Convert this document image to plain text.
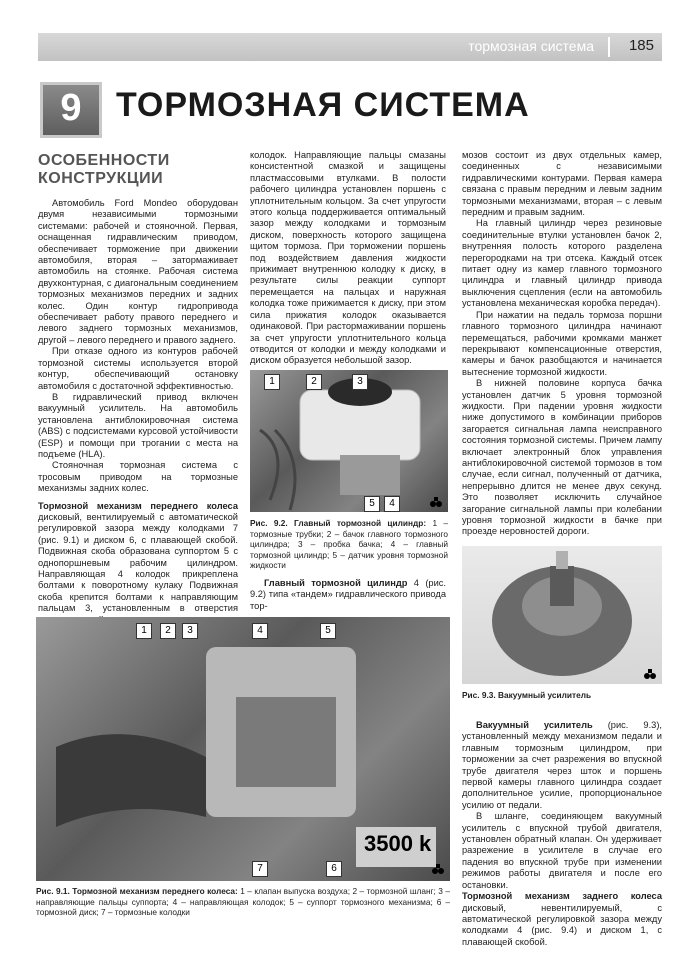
тормозная система 185
9	ТОРМОЗНАЯ СИСТЕМА
ОСОБЕННОСТИ
КОНСТРУКЦИИ

Автомобиль Ford Mondeo оборудован двумя независимыми тормозными системами: рабочей и стояночной. Первая, оснащенная гидравлическим приводом, обеспечивает торможение при движении автомобиля, вторая – затормаживает автомобиль на стоянке. Рабочая система двухконтурная, с диагональным соединением тормозных механизмов передних и задних колес. Один контур гидропривода обеспечивает работу правого переднего и левого заднего тормозных механизмов, другой – левого переднего и правого заднего.

При отказе одного из контуров рабочей тормозной системы используется второй контур, обеспечивающий остановку автомобиля с достаточной эффективностью.

В гидравлический привод включен вакуумный усилитель. На автомобиль установлена антиблокировочная система (ABS) с подсистемами курсовой устойчивости (ESP) и помощи при трогании с места на подъеме (HLA).

Стояночная тормозная система с тросовым приводом на тормозные механизмы задних колес.

Тормозной механизм переднего колеса дисковый, вентилируемый с автоматической регулировкой зазора между колодками 7 (рис. 9.1) и диском 6, с плавающей скобой. Подвижная скоба образована суппортом 5 с однопоршневым рабочим цилиндром. Направляющая 4 колодок прикреплена болтами к поворотному кулаку Подвижная скоба крепится болтами к направляющим пальцам 3, установленным в отверстия

колодок. Направляющие пальцы смазаны консистентной смазкой и защищены пластмассовыми втулками. В полости рабочего цилиндра установлен поршень с уплотнительным кольцом. За счет упругости этого кольца поддерживается оптимальный зазор между колодками и тормозным диском, поверхность которого защищена щитом тормоза. При торможении поршень под воздействием давления жидкости прижимает внутреннюю колодку к диску, в результате силы реакции суппорт перемещается на пальцах и наружная колодка тоже прижимается к диску, при этом сила прижатия колодок оказывается одинаковой. При растормаживании поршень за счет упругости уплотнительного кольца отводится от колодки и между колодками и диском образуется небольшой зазор.

1	2	3
5	4
Рис. 9.2. Главный тормозной цилиндр: 1 – тормозные трубки; 2 – бачок главного тормозного цилиндра; 3 – пробка бачка; 4 – главный тормозной цилиндр; 5 – датчик уровня тормозной жидкости

Главный тормозной цилиндр 4 (рис. 9.2) типа «тандем» гидравлического привода тор-

мозов состоит из двух отдельных камер, соединенных с независимыми гидравлическими контурами. Первая камера связана с правым передним и левым задним тормозными механизмами, вторая – с левым передним и правым задним.

На главный цилиндр через резиновые соединительные втулки установлен бачок 2, внутренняя полость которого разделена перегородками на три отсека. Каждый отсек питает одну из камер главного тормозного цилиндра и главный цилиндр привода выключения сцепления (если на автомобиль установлена механическая коробка передач).

При нажатии на педаль тормоза поршни главного тормозного цилиндра начинают перемещаться, рабочими кромками манжет перекрывают компенсационные отверстия, камеры и бачок разобщаются и начинается вытеснение тормозной жидкости.

В нижней половине корпуса бачка установлен датчик 5 уровня тормозной жидкости. При падении уровня жидкости ниже допустимого в комбинации приборов загорается сигнальная лампа неисправного состояния тормозной системы. Причем лампу включает электронный блок управления антиблокировочной системой тормозов в том случае, если сигнал, полученный от датчика, непрерывно длится не менее двух секунд. Это позволяет исключить случайное загорание сигнальной лампы при колебании уровня тормозной жидкости в бачке при проезде неровностей дороги.

Рис. 9.3. Вакуумный усилитель

Вакуумный усилитель (рис. 9.3), установленный между механизмом педали и главным тормозным цилиндром, при торможении за счет разрежения во впускной трубе двигателя через шток и поршень первой камеры главного цилиндра создает дополнительное усилие, пропорциональное усилию от педали.

В шланге, соединяющем вакуумный усилитель с впускной трубой двигателя, установлен обратный клапан. Он удерживает разрежение в усилителе в случае его падения во впускной трубе при изменении режимов работы двигателя и после его остановки.

Тормозной механизм заднего колеса дисковый, невентилируемый, с автоматической регулировкой зазора между колодками 4 (рис. 9.4) и диском 1, с плавающей скобой.

3500 k
1	2	3	4	5
6
7
Рис. 9.1. Тормозной механизм переднего колеса: 1 – клапан выпуска воздуха; 2 – тормозной шланг; 3 – направляющие пальцы суппорта; 4 – направляющая колодок; 5 – суппорт тормозного механизма; 6 – тормозной диск; 7 – тормозные колодки
